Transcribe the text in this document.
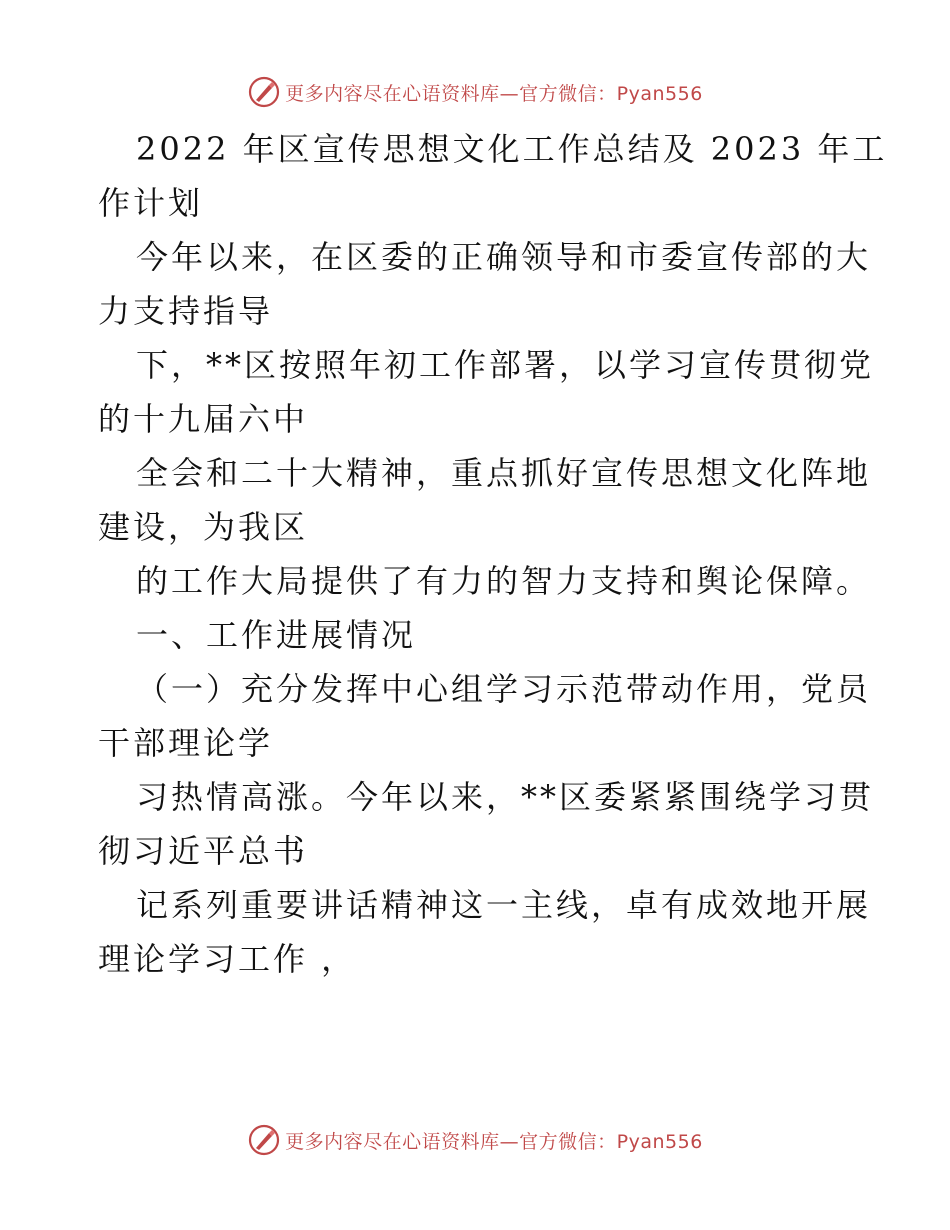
更多内容尽在心语资料库—官方微信：Pyan556
2022 年区宣传思想文化工作总结及 2023 年工
作计划
今年以来，在区委的正确领导和市委宣传部的大
力支持指导
下，**区按照年初工作部署，以学习宣传贯彻党
的十九届六中
全会和二十大精神，重点抓好宣传思想文化阵地
建设，为我区
的工作大局提供了有力的智力支持和舆论保障。
一、工作进展情况
（一）充分发挥中心组学习示范带动作用，党员
干部理论学
习热情高涨。今年以来，**区委紧紧围绕学习贯
彻习近平总书
记系列重要讲话精神这一主线，卓有成效地开展
理论学习工作 ，
更多内容尽在心语资料库—官方微信：Pyan556
